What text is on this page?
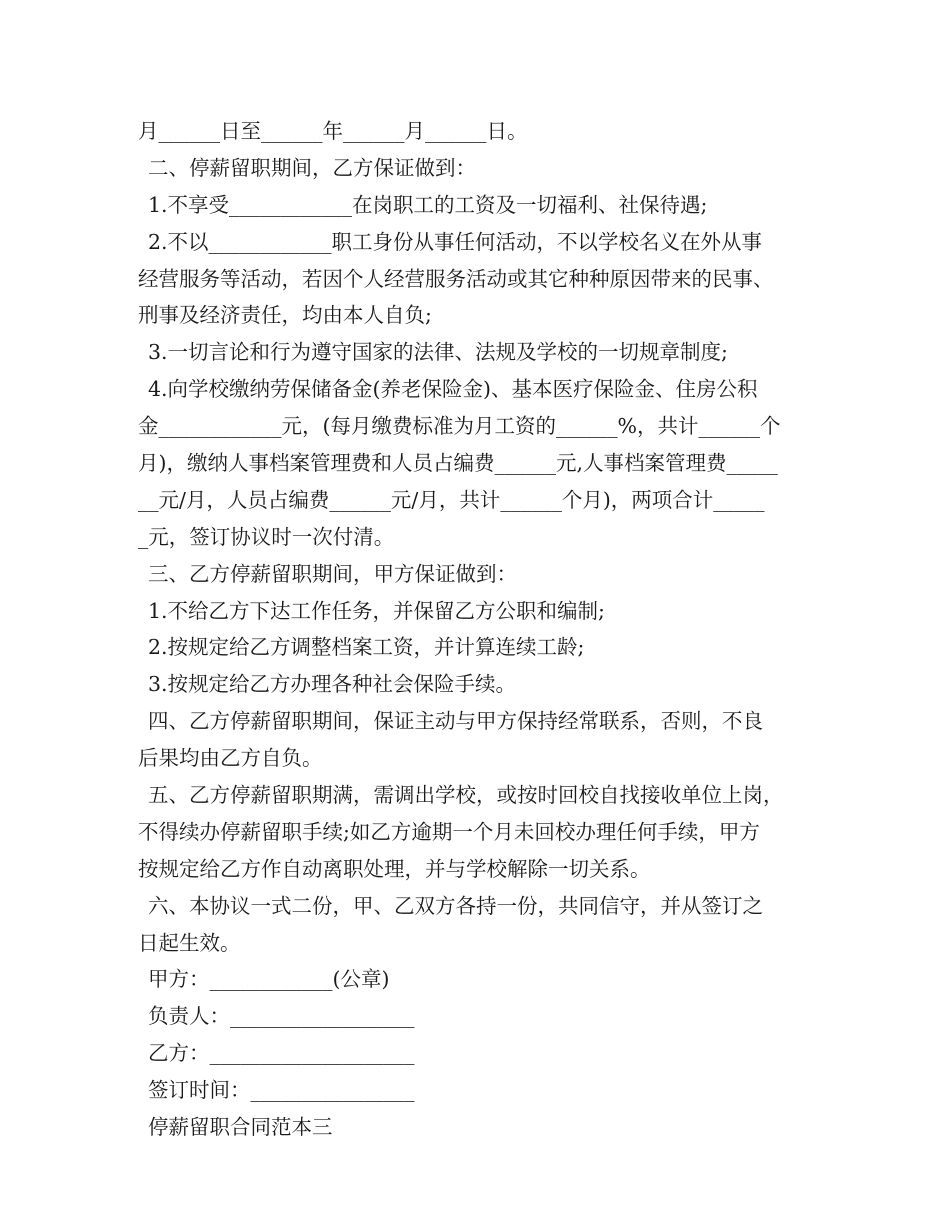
月______日至______年______月______日。
二、停薪留职期间，乙方保证做到：
1.不享受____________在岗职工的工资及一切福利、社保待遇;
2.不以____________职工身份从事任何活动，不以学校名义在外从事
经营服务等活动，若因个人经营服务活动或其它种种原因带来的民事、
刑事及经济责任，均由本人自负;
3.一切言论和行为遵守国家的法律、法规及学校的一切规章制度;
4.向学校缴纳劳保储备金(养老保险金)、基本医疗保险金、住房公积
金____________元，(每月缴费标准为月工资的______%，共计______个
月)，缴纳人事档案管理费和人员占编费______元,人事档案管理费_____
__元/月，人员占编费______元/月，共计______个月)，两项合计_____
_元，签订协议时一次付清。
三、乙方停薪留职期间，甲方保证做到：
1.不给乙方下达工作任务，并保留乙方公职和编制;
2.按规定给乙方调整档案工资，并计算连续工龄;
3.按规定给乙方办理各种社会保险手续。
四、乙方停薪留职期间，保证主动与甲方保持经常联系，否则，不良
后果均由乙方自负。
五、乙方停薪留职期满，需调出学校，或按时回校自找接收单位上岗，
不得续办停薪留职手续;如乙方逾期一个月未回校办理任何手续，甲方
按规定给乙方作自动离职处理，并与学校解除一切关系。
六、本协议一式二份，甲、乙双方各持一份，共同信守，并从签订之
日起生效。
甲方：____________(公章)
负责人：__________________
乙方：____________________
签订时间：________________
停薪留职合同范本三
